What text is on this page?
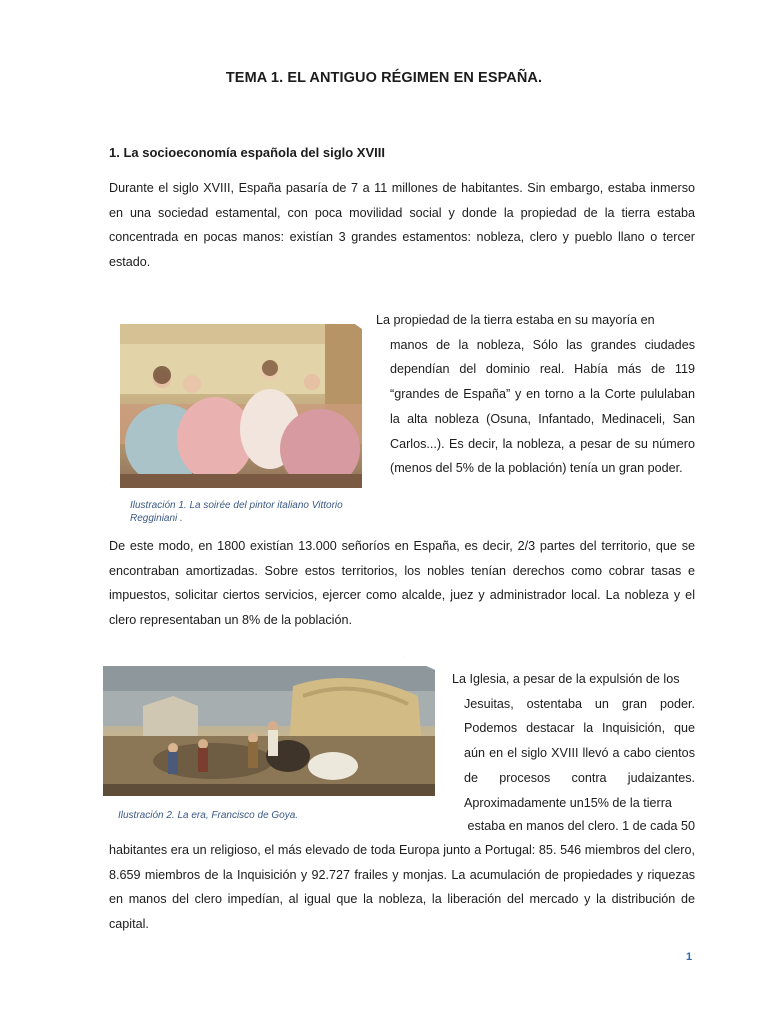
TEMA 1. EL ANTIGUO RÉGIMEN EN ESPAÑA.
1. La socioeconomía española del siglo XVIII

Durante el siglo XVIII, España pasaría de 7 a 11 millones de habitantes. Sin embargo, estaba inmerso en una sociedad estamental, con poca movilidad social y donde la propiedad de la tierra estaba concentrada en pocas manos: existían 3 grandes estamentos: nobleza, clero y pueblo llano o tercer estado.

La propiedad de la tierra estaba en su mayoría en
manos de la nobleza, Sólo las grandes ciudades dependían del dominio real. Había más de 119 “grandes de España” y en torno a la Corte pululaban la alta nobleza (Osuna, Infantado, Medinaceli, San Carlos...). Es decir, la nobleza, a pesar de su número (menos del 5% de la población) tenía un gran poder.

Ilustración 1. La soirée del pintor italiano Vittorio Regginiani .

De este modo, en 1800 existían 13.000 señoríos en España, es decir, 2/3 partes del territorio, que se encontraban amortizadas. Sobre estos territorios, los nobles tenían derechos como cobrar tasas e impuestos, solicitar ciertos servicios, ejercer como alcalde, juez y administrador local. La nobleza y el clero representaban un 8% de la población.

La Iglesia, a pesar de la expulsión de los
Jesuitas, ostentaba un gran poder. Podemos destacar la Inquisición, que aún en el siglo XVIII llevó a cabo cientos de procesos contra judaizantes. Aproximadamente un15% de la tierra

estaba en manos del clero. 1 de cada 50
Ilustración 2. La era, Francisco de Goya.

habitantes era un religioso, el más elevado de toda Europa junto a Portugal: 85. 546 miembros del clero, 8.659 miembros de la Inquisición y 92.727 frailes y monjas. La acumulación de propiedades y riquezas en manos del clero impedían, al igual que la nobleza, la liberación del mercado y la distribución de capital.

1
